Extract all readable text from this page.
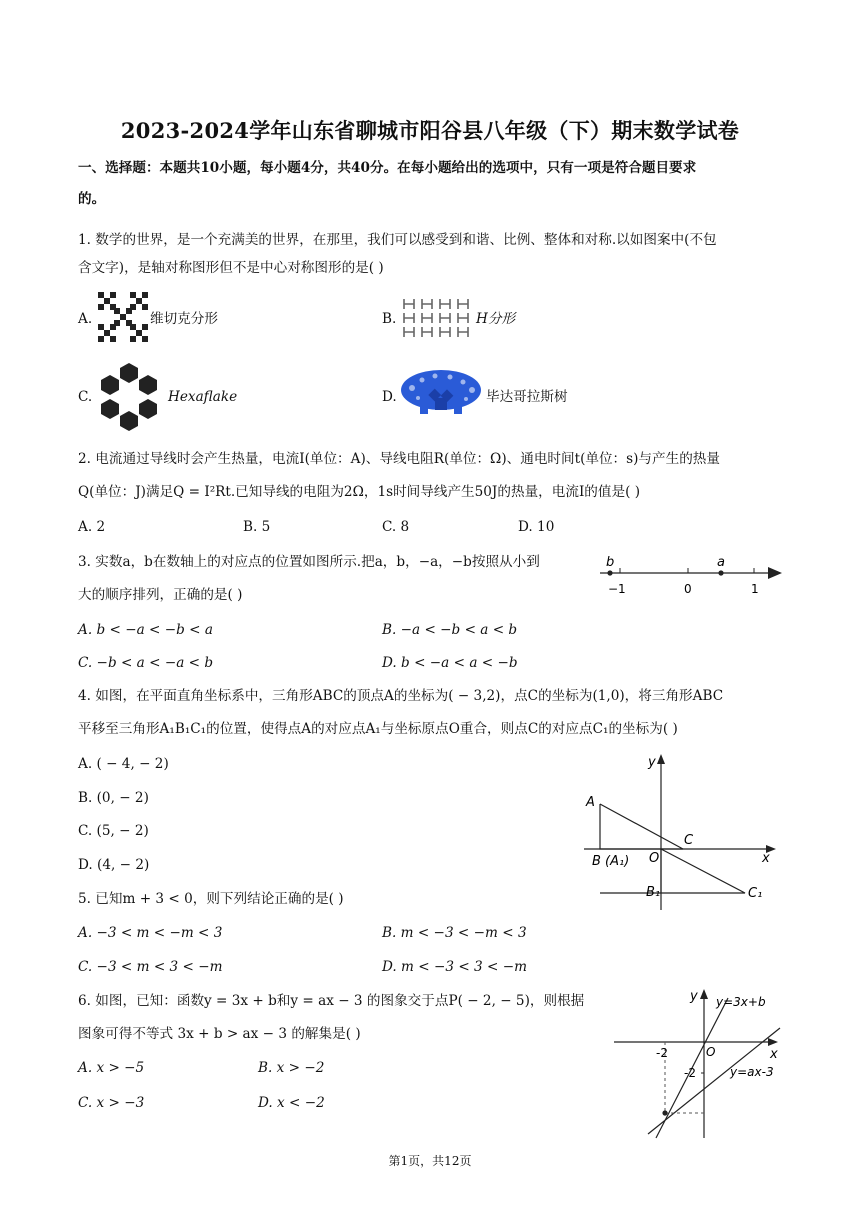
2023-2024学年山东省聊城市阳谷县八年级（下）期末数学试卷
一、选择题：本题共10小题，每小题4分，共40分。在每小题给出的选项中，只有一项是符合题目要求
的。
1. 数学的世界，是一个充满美的世界，在那里，我们可以感受到和谐、比例、整体和对称.以如图案中(不包
含文字)，是轴对称图形但不是中心对称图形的是( )
A.	维切克分形	B.	H分形
C.	Hexaflake	D.	毕达哥拉斯树
2. 电流通过导线时会产生热量，电流I(单位：A)、导线电阻R(单位：Ω)、通电时间t(单位：s)与产生的热量
Q(单位：J)满足Q = I²Rt.已知导线的电阻为2Ω，1s时间导线产生50J的热量，电流I的值是( )
A. 2	B. 5	C. 8	D. 10
3. 实数a，b在数轴上的对应点的位置如图所示.把a，b，−a，−b按照从小到
大的顺序排列，正确的是( )
b	a
−1	0	1
A. b < −a < −b < a	B. −a < −b < a < b
C. −b < a < −a < b	D. b < −a < a < −b
4. 如图，在平面直角坐标系中，三角形ABC的顶点A的坐标为( − 3,2)，点C的坐标为(1,0)，将三角形ABC
平移至三角形A₁B₁C₁的位置，使得点A的对应点A₁与坐标原点O重合，则点C的对应点C₁的坐标为( )
A. ( − 4, − 2)
B. (0, − 2)
C. (5, − 2)
D. (4, − 2)
y
x
A
B (A₁)
C
O
B₁	C₁
5. 已知m + 3 < 0，则下列结论正确的是( )
A. −3 < m < −m < 3	B. m < −3 < −m < 3
C. −3 < m < 3 < −m	D. m < −3 < 3 < −m
6. 如图，已知：函数y = 3x + b和y = ax − 3 的图象交于点P( − 2, − 5)，则根据
图象可得不等式 3x + b > ax − 3 的解集是( )
A. x > −5	B. x > −2
C. x > −3	D. x < −2
y
x
O
y=3x+b
y=ax-3
-2
-2
第1页，共12页
